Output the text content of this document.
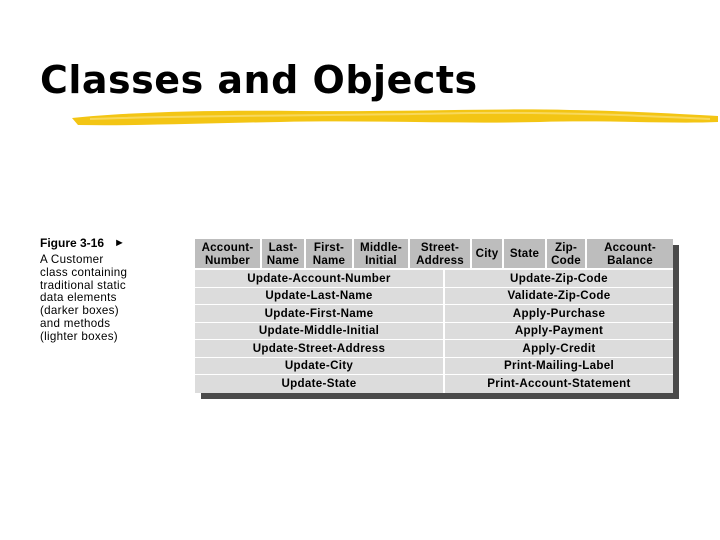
Classes and Objects
Figure 3-16 ►
A Customer
class containing
traditional static
data elements
(darker boxes)
and methods
(lighter boxes)
Account-
Number
Last-
Name
First-
Name
Middle-
Initial
Street-
Address	City State	Zip-
Code
Account-
Balance
Update-Account-Number
Update-Last-Name
Update-First-Name
Update-Middle-Initial
Update-Street-Address
Update-City
Update-State
Update-Zip-Code
Validate-Zip-Code
Apply-Purchase
Apply-Payment
Apply-Credit
Print-Mailing-Label
Print-Account-Statement
